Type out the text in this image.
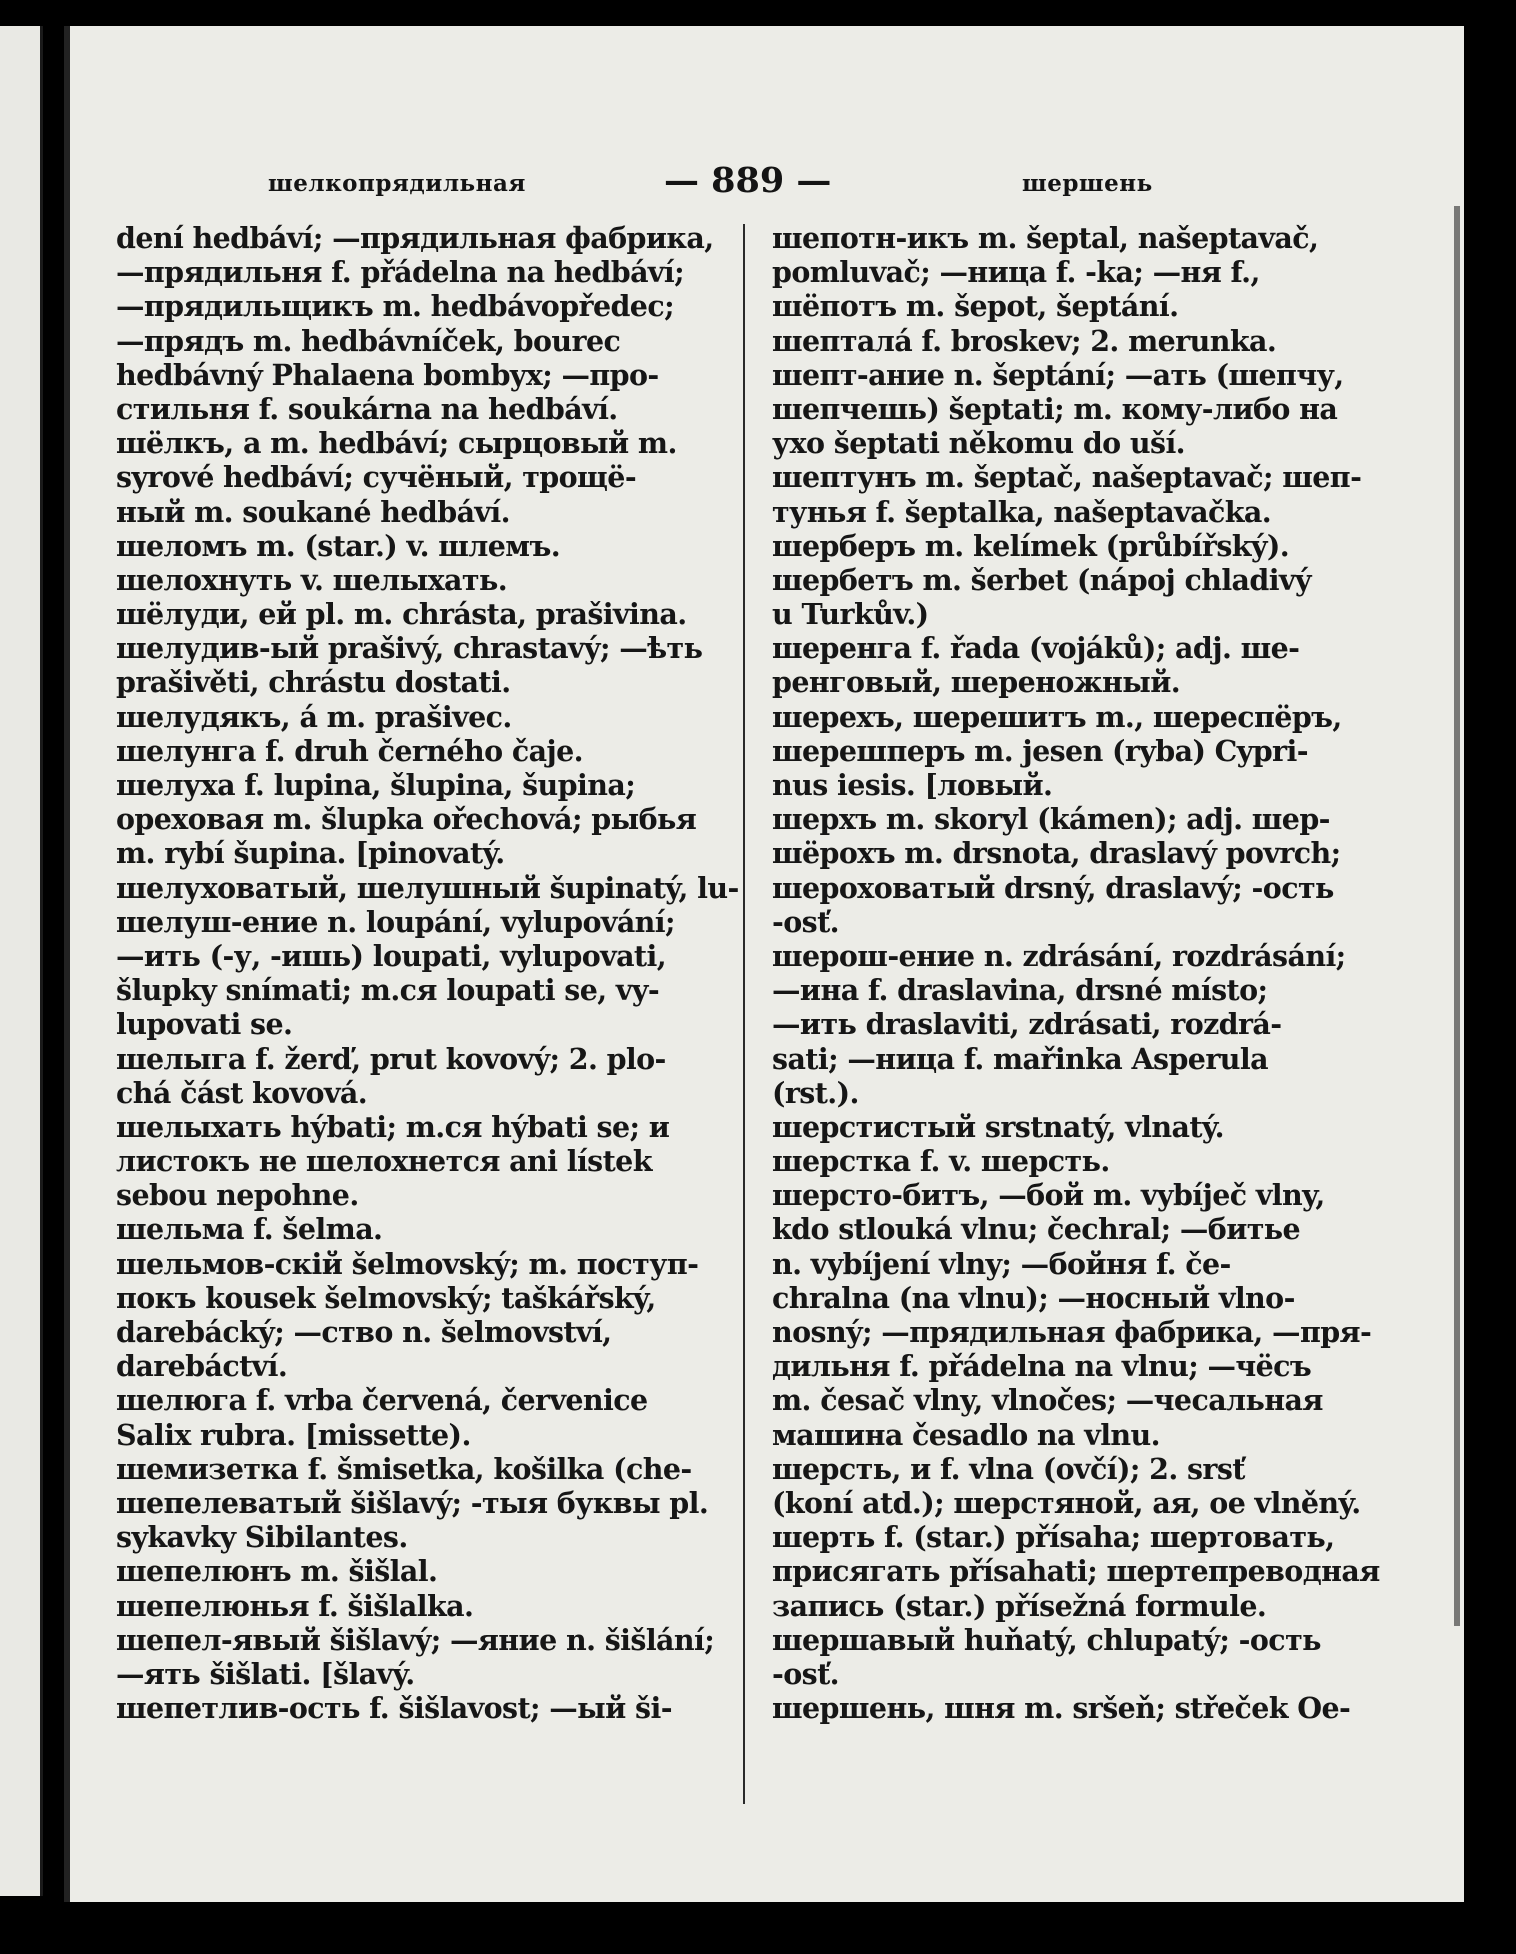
шелкопрядильная	— 889 —	шершень
dení hedbáví; —прядильная фабрика,
—прядильня f. přádelna na hedbáví;
—прядильщикъ m. hedbávopředec;
—прядъ m. hedbávníček, bourec
hedbávný Phalaena bombyx; —про-
стильня f. soukárna na hedbáví.
шёлкъ, а m. hedbáví; сырцовый m.
syrové hedbáví; сучёный, трощё-
ный m. soukané hedbáví.
шеломъ m. (star.) v. шлемъ.
шелохнуть v. шелыхать.
шёлуди, ей pl. m. chrásta, prašivina.
шелудив-ый prašivý, chrastavý; —ѣть
prašivěti, chrástu dostati.
шелудякъ, á m. prašivec.
шелунга f. druh černého čaje.
шелуха f. lupina, šlupina, šupina;
ореховая m. šlupka ořechová; рыбья
m. rybí šupina. [pinovatý.
шелуховатый, шелушный šupinatý, lu-
шелуш-ение n. loupání, vylupování;
—ить (-у, -ишь) loupati, vylupovati,
šlupky snímati; m.ся loupati se, vy-
lupovati se.
шелыга f. žerď, prut kovový; 2. plo-
chá část kovová.
шелыхать hýbati; m.ся hýbati se; и
листокъ не шелохнется ani lístek
sebou nepohne.
шельма f. šelma.
шельмов-скій šelmovský; m. поступ-
покъ kousek šelmovský; taškářský,
darebácký; —ство n. šelmovství,
darebáctví.
шелюга f. vrba červená, červenice
Salix rubra. [missette).
шемизетка f. šmisetka, košilka (che-
шепелеватый šišlavý; -тыя буквы pl.
sykavky Sibilantes.
шепелюнъ m. šišlal.
шепелюнья f. šišlalka.
шепел-явый šišlavý; —яние n. šišlání;
—ять šišlati. [šlavý.
шепетлив-ость f. šišlavost; —ый ši-
шепотн-икъ m. šeptal, našeptavač,
pomluvač; —ница f. -ka; —ня f.,
шёпотъ m. šepot, šeptání.
шепталá f. broskev; 2. merunka.
шепт-ание n. šeptání; —ать (шепчу,
шепчешь) šeptati; m. кому-либо на
ухо šeptati někomu do uší.
шептунъ m. šeptač, našeptavač; шеп-
тунья f. šeptalka, našeptavačka.
шерберъ m. kelímek (průbířský).
шербетъ m. šerbet (nápoj chladivý
u Turkův.)
шеренга f. řada (vojáků); adj. ше-
ренговый, шереножный.
шерехъ, шерешитъ m., шереспёръ,
шерешперъ m. jesen (ryba) Cypri-
nus iesis. [ловый.
шерхъ m. skoryl (kámen); adj. шер-
шёрохъ m. drsnota, draslavý povrch;
шероховатый drsný, draslavý; -ость
-osť.
шерош-ение n. zdrásání, rozdrásání;
—ина f. draslavina, drsné místo;
—ить draslaviti, zdrásati, rozdrá-
sati; —ница f. mařinka Asperula
(rst.).
шерстистый srstnatý, vlnatý.
шерстка f. v. шерсть.
шерсто-битъ, —бой m. vybíječ vlny,
kdo stlouká vlnu; čechral; —битье
n. vybíjení vlny; —бойня f. če-
chralna (na vlnu); —носный vlno-
nosný; —прядильная фабрика, —пря-
дильня f. přádelna na vlnu; —чёсъ
m. česač vlny, vlnočes; —чесальная
машина česadlo na vlnu.
шерсть, и f. vlna (ovčí); 2. srsť
(koní atd.); шерстяной, ая, ое vlněný.
шерть f. (star.) přísaha; шертовать,
присягать přísahati; шертепреводная
запись (star.) přísežná formule.
шершавый huňatý, chlupatý; -ость
-osť.
шершень, шня m. sršeň; střeček Oe-
